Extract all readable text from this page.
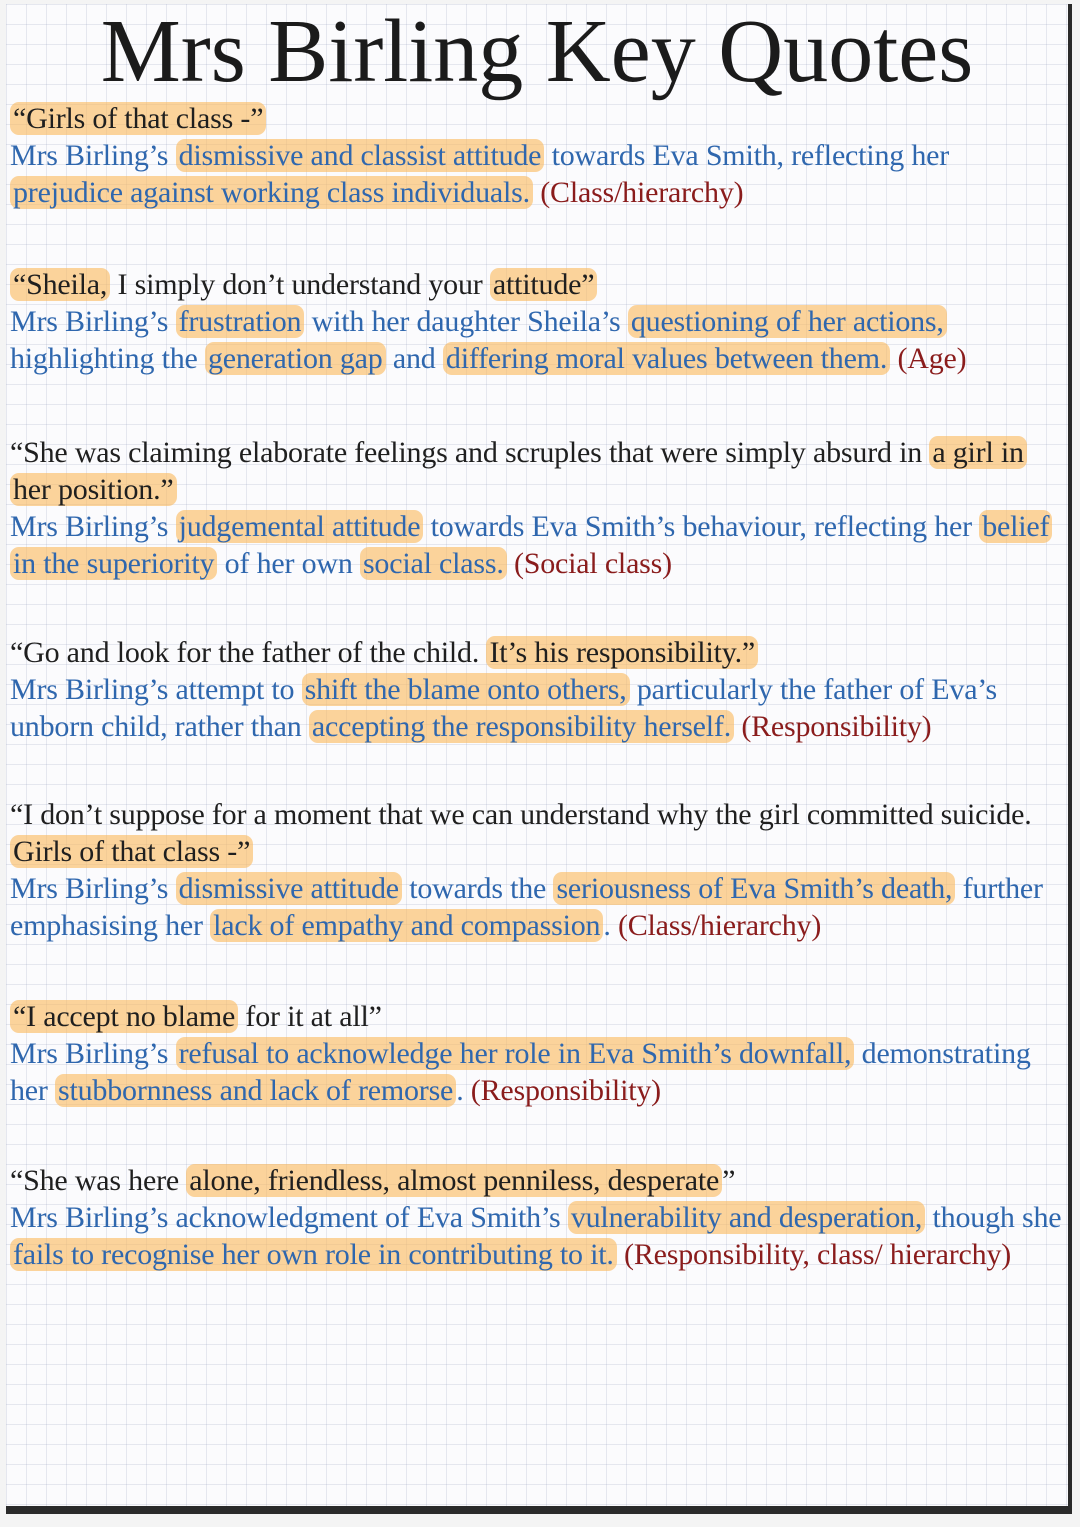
Mrs Birling Key Quotes

“Girls of that class -”

Mrs Birling’s dismissive and classist attitude towards Eva Smith, reflecting her prejudice against working class individuals. (Class/hierarchy)

“Sheila, I simply don’t understand your attitude”

Mrs Birling’s frustration with her daughter Sheila’s questioning of her actions, highlighting the generation gap and differing moral values between them. (Age)

“She was claiming elaborate feelings and scruples that were simply absurd in a girl in her position.”

Mrs Birling’s judgemental attitude towards Eva Smith’s behaviour, reflecting her belief in the superiority of her own social class. (Social class)

“Go and look for the father of the child. It’s his responsibility.”

Mrs Birling’s attempt to shift the blame onto others, particularly the father of Eva’s unborn child, rather than accepting the responsibility herself. (Responsibility)

“I don’t suppose for a moment that we can understand why the girl committed suicide. Girls of that class -”

Mrs Birling’s dismissive attitude towards the seriousness of Eva Smith’s death, further emphasising her lack of empathy and compassion . (Class/hierarchy)

“I accept no blame for it at all”

Mrs Birling’s refusal to acknowledge her role in Eva Smith’s downfall, demonstrating her stubbornness and lack of remorse . (Responsibility)

“She was here alone, friendless, almost penniless, desperate ”

Mrs Birling’s acknowledgment of Eva Smith’s vulnerability and desperation, though she fails to recognise her own role in contributing to it. (Responsibility, class/ hierarchy)
